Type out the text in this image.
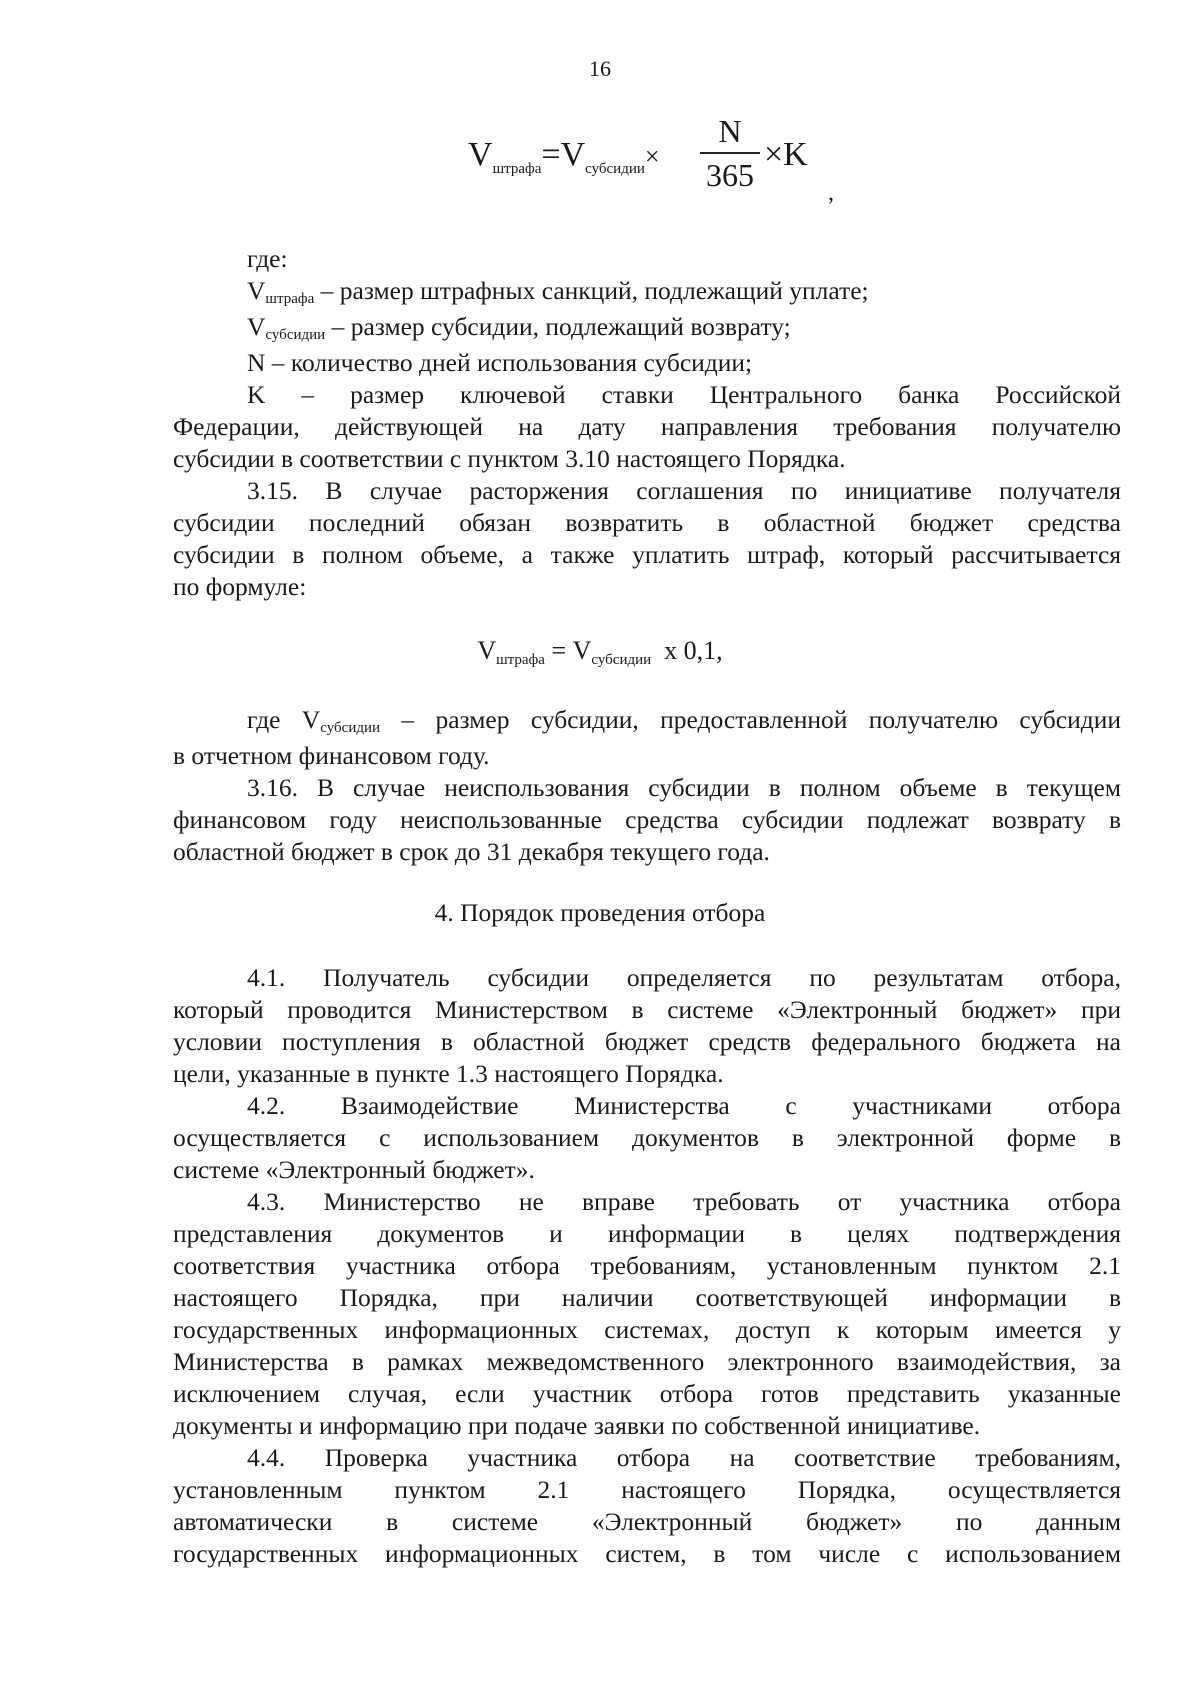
16
$V_{штрафа}=V_{субсидии}\times$
N
365
×K
,

где:

$V_{штрафа}$ – размер штрафных санкций, подлежащий уплате;

$V_{субсидии}$ – размер субсидии, подлежащий возврату;

N – количество дней использования субсидии;

K – размер ключевой ставки Центрального банка Российской

Федерации, действующей на дату направления требования получателю

субсидии в соответствии с пунктом 3.10 настоящего Порядка.

3.15. В случае расторжения соглашения по инициативе получателя

субсидии последний обязан возвратить в областной бюджет средства

субсидии в полном объеме, а также уплатить штраф, который рассчитывается

по формуле:

$V_{штрафа} = V_{субсидии}$  x 0,1,

где $V_{субсидии}$ – размер субсидии, предоставленной получателю субсидии

в отчетном финансовом году.

3.16. В случае неиспользования субсидии в полном объеме в текущем

финансовом году неиспользованные средства субсидии подлежат возврату в

областной бюджет в срок до 31 декабря текущего года.

4. Порядок проведения отбора

4.1. Получатель субсидии определяется по результатам отбора,

который проводится Министерством в системе «Электронный бюджет» при

условии поступления в областной бюджет средств федерального бюджета на

цели, указанные в пункте 1.3 настоящего Порядка.

4.2. Взаимодействие Министерства с участниками отбора

осуществляется с использованием документов в электронной форме в

системе «Электронный бюджет».

4.3. Министерство не вправе требовать от участника отбора

представления документов и информации в целях подтверждения

соответствия участника отбора требованиям, установленным пунктом 2.1

настоящего Порядка, при наличии соответствующей информации в

государственных информационных системах, доступ к которым имеется у

Министерства в рамках межведомственного электронного взаимодействия, за

исключением случая, если участник отбора готов представить указанные

документы и информацию при подаче заявки по собственной инициативе.

4.4. Проверка участника отбора на соответствие требованиям,

установленным пунктом 2.1 настоящего Порядка, осуществляется

автоматически в системе «Электронный бюджет» по данным

государственных информационных систем, в том числе с использованием
